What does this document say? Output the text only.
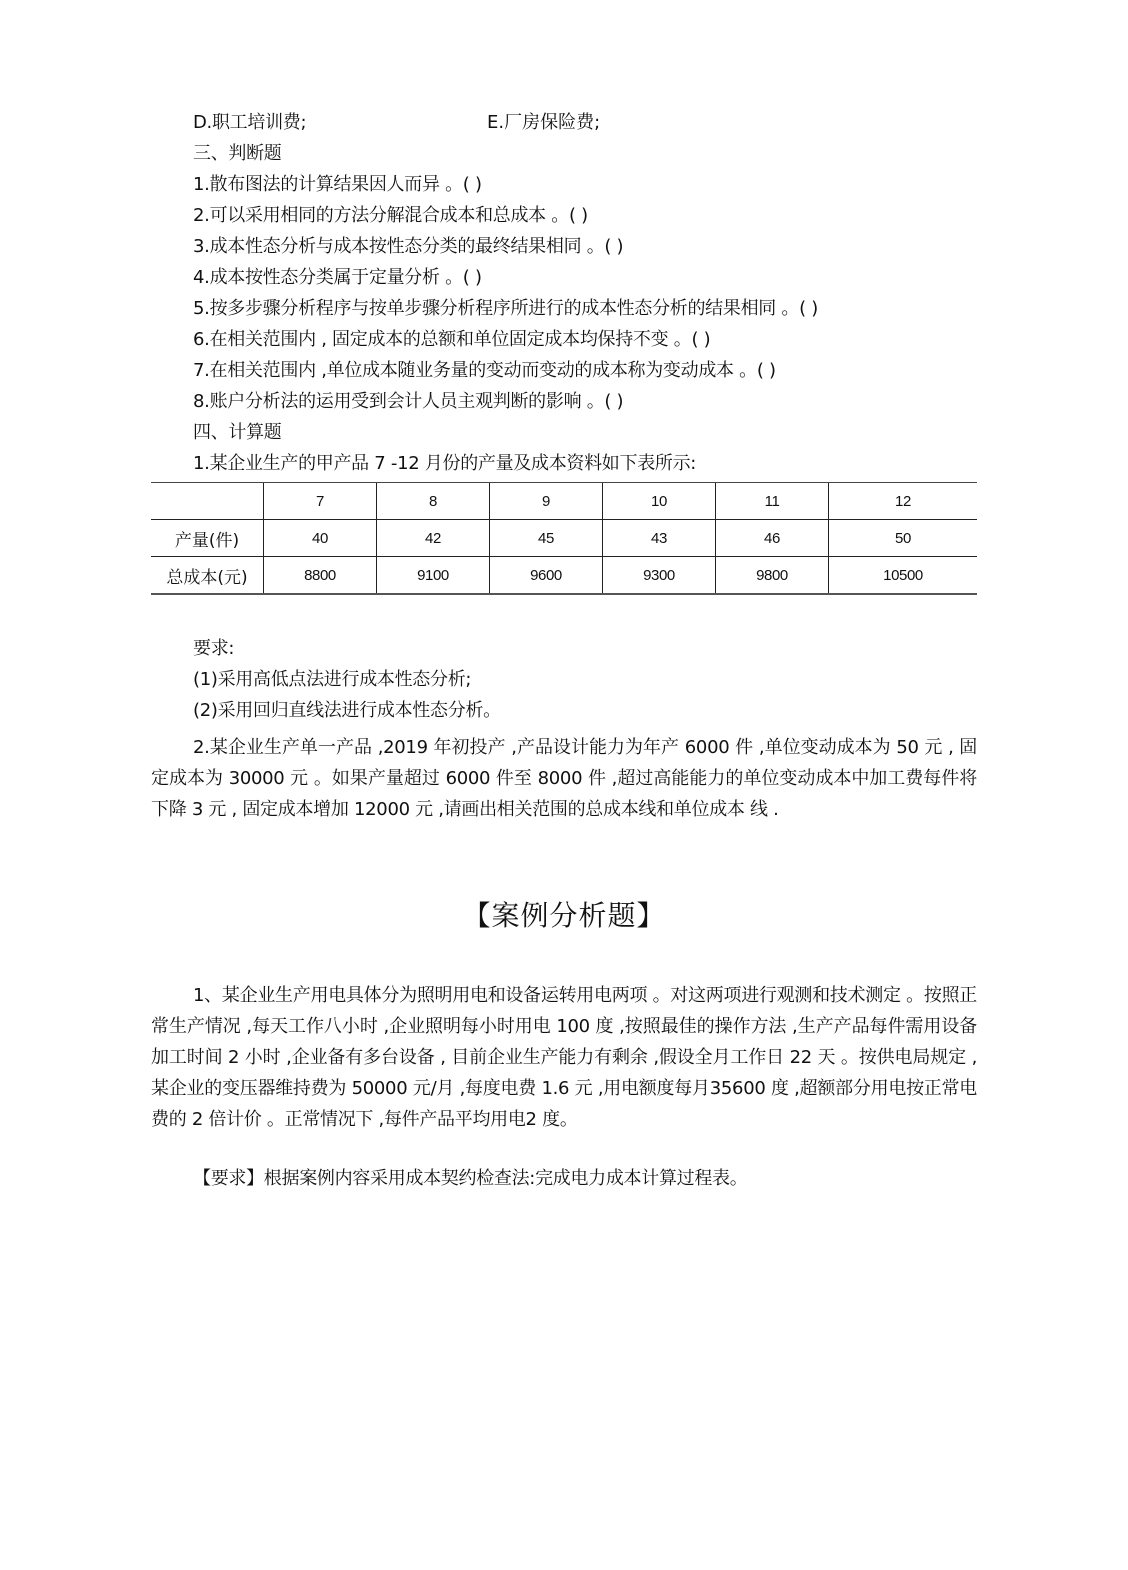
D.职工培训费;	E.厂房保险费;
三、判断题
1.散布图法的计算结果因人而异 。( )
2.可以采用相同的方法分解混合成本和总成本 。( )
3.成本性态分析与成本按性态分类的最终结果相同 。( )
4.成本按性态分类属于定量分析 。( )
5.按多步骤分析程序与按单步骤分析程序所进行的成本性态分析的结果相同 。( )
6.在相关范围内 , 固定成本的总额和单位固定成本均保持不变 。( )
7.在相关范围内 ,单位成本随业务量的变动而变动的成本称为变动成本 。( )
8.账户分析法的运用受到会计人员主观判断的影响 。( )
四、计算题
1.某企业生产的甲产品 7 -12 月份的产量及成本资料如下表所示:
	7	8	9	10	11	12
产量(件)	40	42	45	43	46	50
总成本(元)	8800	9100	9600	9300	9800	10500
要求:
(1)采用高低点法进行成本性态分析;
(2)采用回归直线法进行成本性态分析。
2.某企业生产单一产品 ,2019 年初投产 ,产品设计能力为年产 6000 件 ,单位变动成本为 50 元 , 固定成本为 30000 元 。如果产量超过 6000 件至 8000 件 ,超过高能能力的单位变动成本中加工费每件将下降 3 元 , 固定成本增加 12000 元 ,请画出相关范围的总成本线和单位成本 线 .
【案例分析题】
1、某企业生产用电具体分为照明用电和设备运转用电两项 。对这两项进行观测和技术测定 。按照正常生产情况 ,每天工作八小时 ,企业照明每小时用电 100 度 ,按照最佳的操作方法 ,生产产品每件需用设备加工时间 2 小时 ,企业备有多台设备 , 目前企业生产能力有剩余 ,假设全月工作日 22 天 。按供电局规定 ,某企业的变压器维持费为 50000 元/月 ,每度电费 1.6 元 ,用电额度每月35600 度 ,超额部分用电按正常电费的 2 倍计价 。正常情况下 ,每件产品平均用电2 度。
【要求】根据案例内容采用成本契约检查法:完成电力成本计算过程表。
